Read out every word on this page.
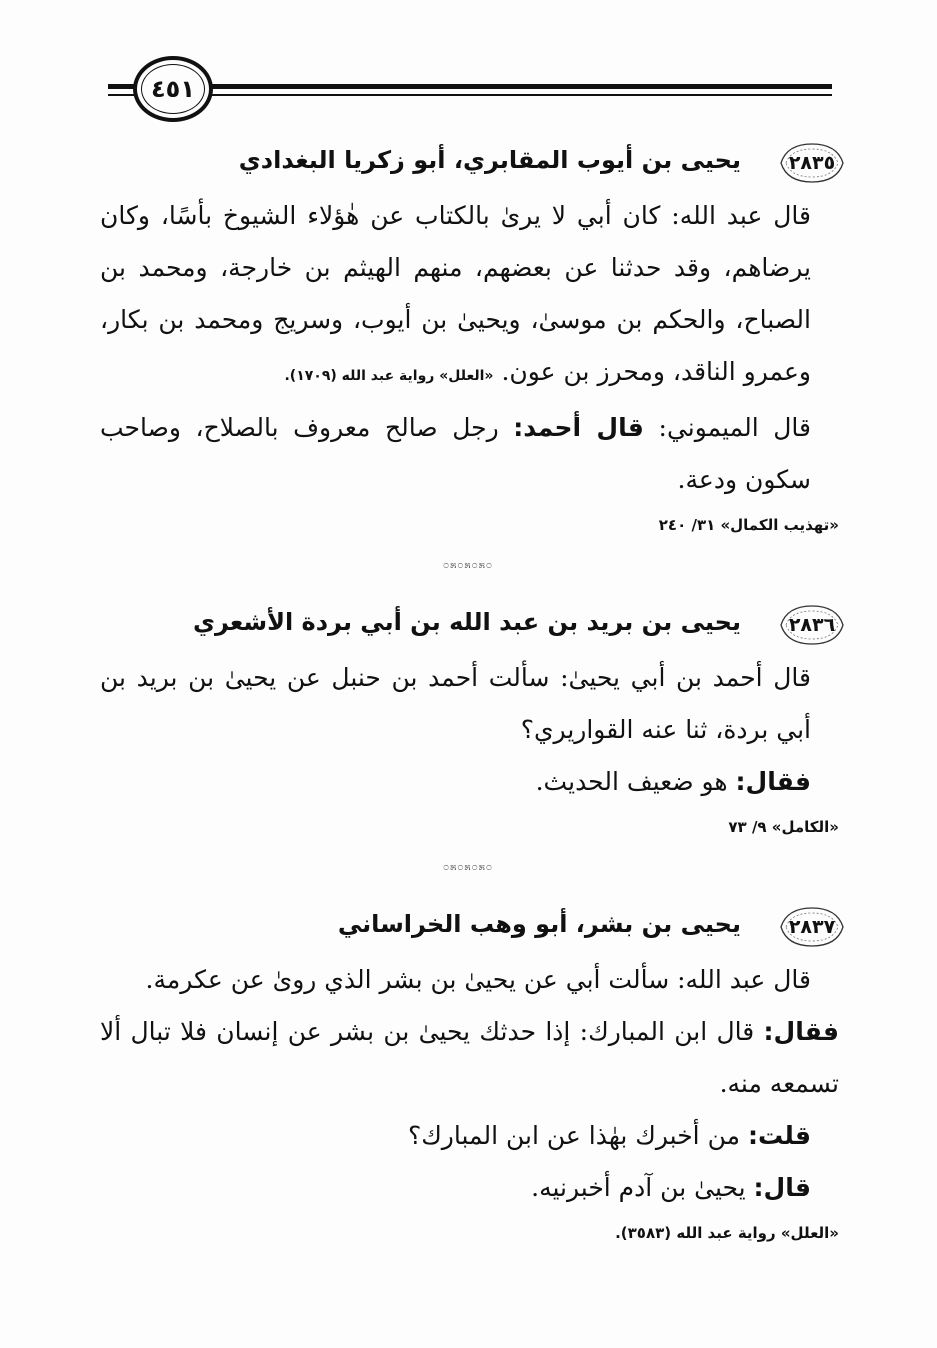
٤٥١
٢٨٣٥
يحيى بن أيوب المقابري، أبو زكريا البغدادي

قال عبد الله: كان أبي لا يرىٰ بالكتاب عن هٰؤلاء الشيوخ بأسًا، وكان يرضاهم، وقد حدثنا عن بعضهم، منهم الهيثم بن خارجة، ومحمد بن الصباح، والحكم بن موسىٰ، ويحيىٰ بن أيوب، وسريج ومحمد بن بكار، وعمرو الناقد، ومحرز بن عون. «العلل» رواية عبد الله (١٧٠٩).

قال الميموني: قال أحمد: رجل صالح معروف بالصلاح، وصاحب سكون ودعة.

«تهذيب الكمال» ٣١/ ٢٤٠
೦೫೦೫೦೫೦
٢٨٣٦
يحيى بن بريد بن عبد الله بن أبي بردة الأشعري

قال أحمد بن أبي يحيىٰ: سألت أحمد بن حنبل عن يحيىٰ بن بريد بن أبي بردة، ثنا عنه القواريري؟

فقال: هو ضعيف الحديث.

«الكامل» ٩/ ٧٣
೦೫೦೫೦೫೦
٢٨٣٧
يحيى بن بشر، أبو وهب الخراساني

قال عبد الله: سألت أبي عن يحيىٰ بن بشر الذي روىٰ عن عكرمة.

فقال: قال ابن المبارك: إذا حدثك يحيىٰ بن بشر عن إنسان فلا تبال ألا تسمعه منه.

قلت: من أخبرك بهٰذا عن ابن المبارك؟

قال: يحيىٰ بن آدم أخبرنيه.

«العلل» رواية عبد الله (٣٥٨٣).
